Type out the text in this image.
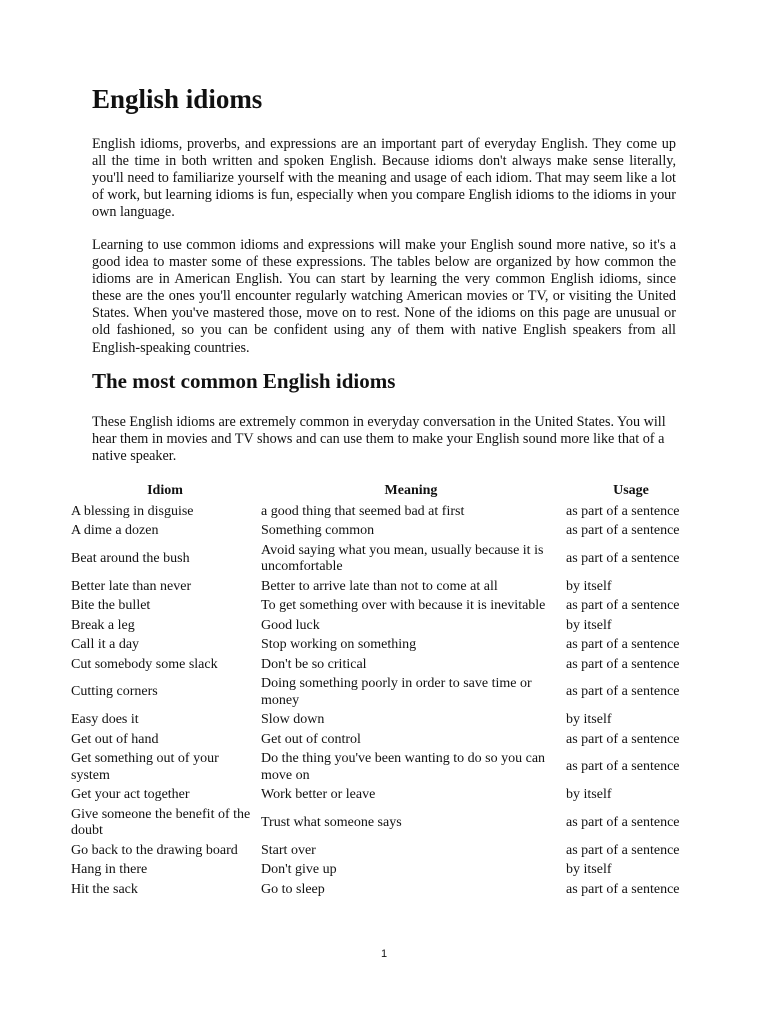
English idioms

English idioms, proverbs, and expressions are an important part of everyday English. They come up all the time in both written and spoken English. Because idioms don't always make sense literally, you'll need to familiarize yourself with the meaning and usage of each idiom. That may seem like a lot of work, but learning idioms is fun, especially when you compare English idioms to the idioms in your own language.

Learning to use common idioms and expressions will make your English sound more native, so it's a good idea to master some of these expressions. The tables below are organized by how common the idioms are in American English. You can start by learning the very common English idioms, since these are the ones you'll encounter regularly watching American movies or TV, or visiting the United States. When you've mastered those, move on to rest. None of the idioms on this page are unusual or old fashioned, so you can be confident using any of them with native English speakers from all English-speaking countries.

The most common English idioms

These English idioms are extremely common in everyday conversation in the United States. You will hear them in movies and TV shows and can use them to make your English sound more like that of a native speaker.

Idiom	Meaning	Usage
A blessing in disguise	a good thing that seemed bad at first	as part of a sentence
A dime a dozen	Something common	as part of a sentence
Beat around the bush	Avoid saying what you mean, usually because it is uncomfortable	as part of a sentence
Better late than never	Better to arrive late than not to come at all	by itself
Bite the bullet	To get something over with because it is inevitable	as part of a sentence
Break a leg	Good luck	by itself
Call it a day	Stop working on something	as part of a sentence
Cut somebody some slack	Don't be so critical	as part of a sentence
Cutting corners	Doing something poorly in order to save time or money	as part of a sentence
Easy does it	Slow down	by itself
Get out of hand	Get out of control	as part of a sentence
Get something out of your system	Do the thing you've been wanting to do so you can move on	as part of a sentence
Get your act together	Work better or leave	by itself
Give someone the benefit of the doubt	Trust what someone says	as part of a sentence
Go back to the drawing board	Start over	as part of a sentence
Hang in there	Don't give up	by itself
Hit the sack	Go to sleep	as part of a sentence
1
